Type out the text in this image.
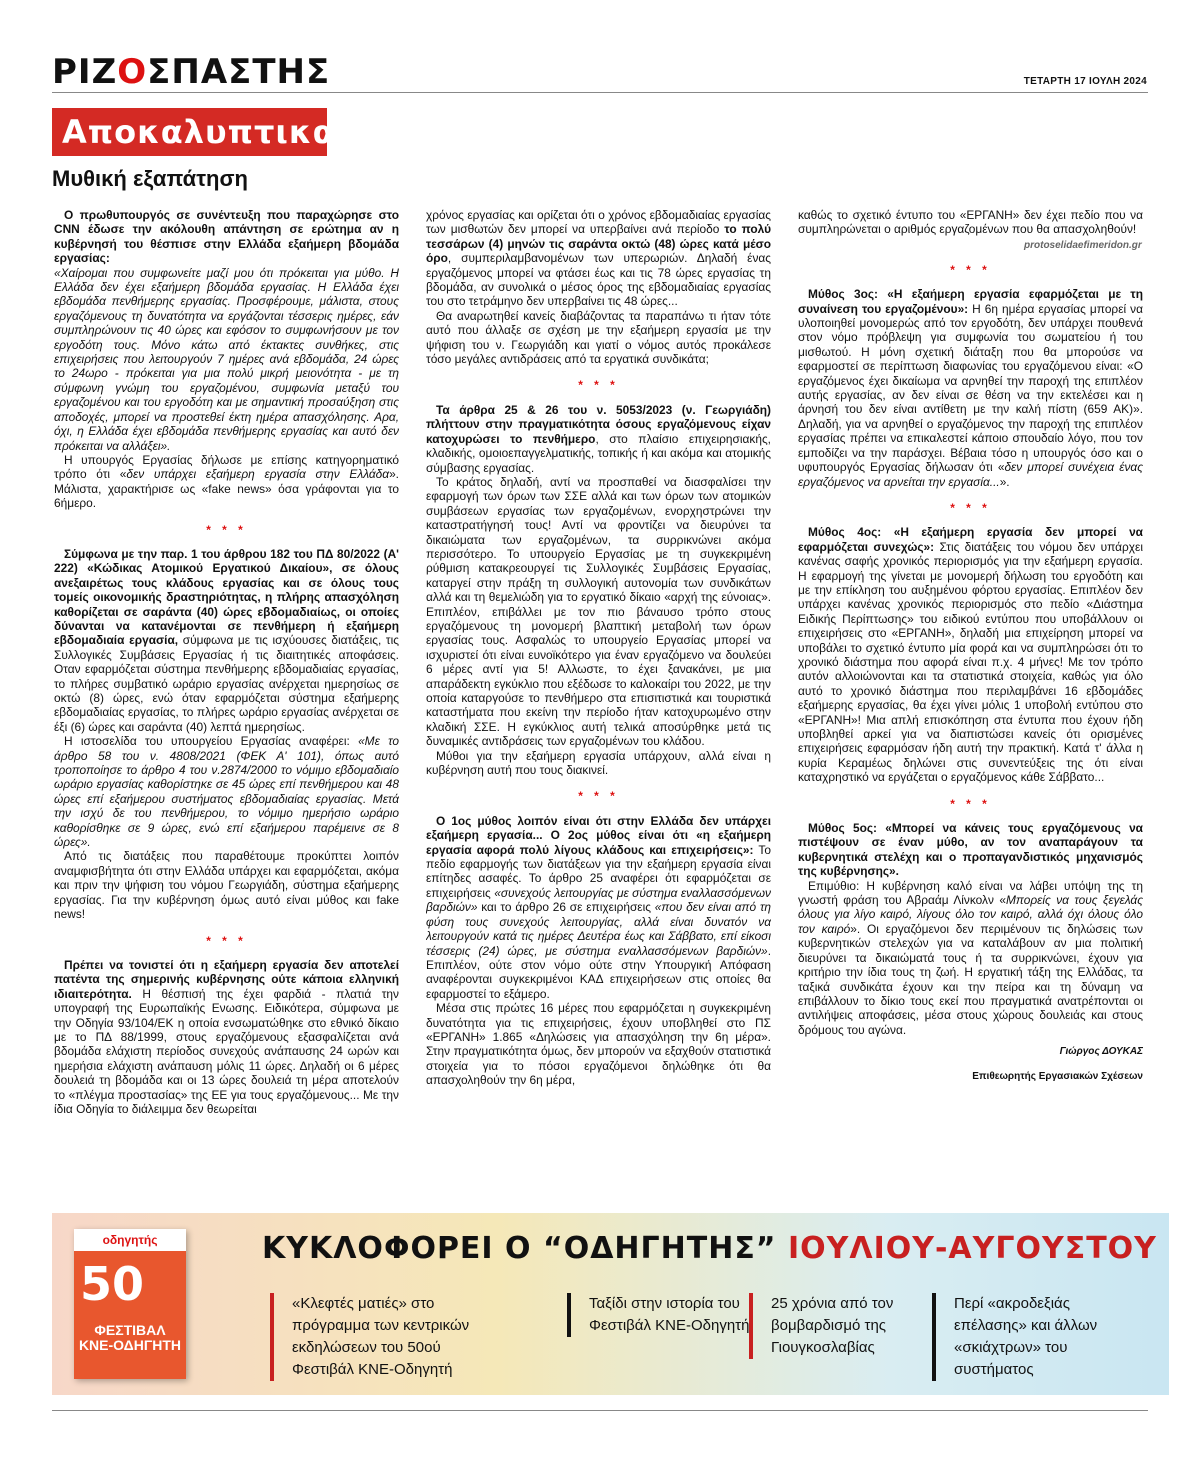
ΡΙΖΟΣΠΑΣΤΗΣ	ΤΕΤΑΡΤΗ 17 ΙΟΥΛΗ 2024
Αποκαλυπτικα
Μυθική εξαπάτηση
protoselidaefimeridon.gr

Ο πρωθυπουργός σε συνέντευξη που παραχώρησε στο CNN έδωσε την ακόλουθη απάντηση σε ερώτημα αν η κυβέρνησή του θέσπισε στην Ελλάδα εξαήμερη βδομάδα εργασίας:

«Χαίρομαι που συμφωνείτε μαζί μου ότι πρόκειται για μύθο. Η Ελλάδα δεν έχει εξαήμερη βδομάδα εργασίας. Η Ελλάδα έχει εβδομάδα πενθήμερης εργασίας. Προσφέρουμε, μάλιστα, στους εργαζόμενους τη δυνατότητα να εργάζονται τέσσερις ημέρες, εάν συμπληρώνουν τις 40 ώρες και εφόσον το συμφωνήσουν με τον εργοδότη τους. Μόνο κάτω από έκτακτες συνθήκες, στις επιχειρήσεις που λειτουργούν 7 ημέρες ανά εβδομάδα, 24 ώρες το 24ωρο - πρόκειται για μια πολύ μικρή μειονότητα - με τη σύμφωνη γνώμη του εργαζομένου, συμφωνία μεταξύ του εργαζομένου και του εργοδότη και με σημαντική προσαύξηση στις αποδοχές, μπορεί να προστεθεί έκτη ημέρα απασχόλησης. Αρα, όχι, η Ελλάδα έχει εβδομάδα πενθήμερης εργασίας και αυτό δεν πρόκειται να αλλάξει».

Η υπουργός Εργασίας δήλωσε με επίσης κατηγορηματικό τρόπο ότι «δεν υπάρχει εξαήμερη εργασία στην Ελλάδα». Μάλιστα, χαρακτήρισε ως «fake news» όσα γράφονται για το 6ήμερο.

* * *

Σύμφωνα με την παρ. 1 του άρθρου 182 του ΠΔ 80/2022 (Α' 222) «Κώδικας Ατομικού Εργατικού Δικαίου», σε όλους ανεξαιρέτως τους κλάδους εργασίας και σε όλους τους τομείς οικονομικής δραστηριότητας, η πλήρης απασχόληση καθορίζεται σε σαράντα (40) ώρες εβδομαδιαίως, οι οποίες δύνανται να κατανέμονται σε πενθήμερη ή εξαήμερη εβδομαδιαία εργασία, σύμφωνα με τις ισχύουσες διατάξεις, τις Συλλογικές Συμβάσεις Εργασίας ή τις διαιτητικές αποφάσεις. Οταν εφαρμόζεται σύστημα πενθήμερης εβδομαδιαίας εργασίας, το πλήρες συμβατικό ωράριο εργασίας ανέρχεται ημερησίως σε οκτώ (8) ώρες, ενώ όταν εφαρμόζεται σύστημα εξαήμερης εβδομαδιαίας εργασίας, το πλήρες ωράριο εργασίας ανέρχεται σε έξι (6) ώρες και σαράντα (40) λεπτά ημερησίως.

Η ιστοσελίδα του υπουργείου Εργασίας αναφέρει: «Με το άρθρο 58 του ν. 4808/2021 (ΦΕΚ Α' 101), όπως αυτό τροποποίησε το άρθρο 4 του ν.2874/2000 το νόμιμο εβδομαδιαίο ωράριο εργασίας καθορίστηκε σε 45 ώρες επί πενθήμερου και 48 ώρες επί εξαήμερου συστήματος εβδομαδιαίας εργασίας. Μετά την ισχύ δε του πενθήμερου, το νόμιμο ημερήσιο ωράριο καθορίσθηκε σε 9 ώρες, ενώ επί εξαήμερου παρέμεινε σε 8 ώρες».

Από τις διατάξεις που παραθέτουμε προκύπτει λοιπόν αναμφισβήτητα ότι στην Ελλάδα υπάρχει και εφαρμόζεται, ακόμα και πριν την ψήφιση του νόμου Γεωργιάδη, σύστημα εξαήμερης εργασίας. Για την κυβέρνηση όμως αυτό είναι μύθος και fake news!

* * *

Πρέπει να τονιστεί ότι η εξαήμερη εργασία δεν αποτελεί πατέντα της σημερινής κυβέρνησης ούτε κάποια ελληνική ιδιαιτερότητα. Η θέσπισή της έχει φαρδιά - πλατιά την υπογραφή της Ευρωπαϊκής Ενωσης. Ειδικότερα, σύμφωνα με την Οδηγία 93/104/ΕΚ η οποία ενσωματώθηκε στο εθνικό δίκαιο με το ΠΔ 88/1999, στους εργαζόμενους εξασφαλίζεται ανά βδομάδα ελάχιστη περίοδος συνεχούς ανάπαυσης 24 ωρών και ημερήσια ελάχιστη ανάπαυση μόλις 11 ώρες. Δηλαδή οι 6 μέρες δουλειά τη βδομάδα και οι 13 ώρες δουλειά τη μέρα αποτελούν το «πλέγμα προστασίας» της ΕΕ για τους εργαζόμενους... Με την ίδια Οδηγία το διάλειμμα δεν θεωρείται

χρόνος εργασίας και ορίζεται ότι ο χρόνος εβδομαδιαίας εργασίας των μισθωτών δεν μπορεί να υπερβαίνει ανά περίοδο το πολύ τεσσάρων (4) μηνών τις σαράντα οκτώ (48) ώρες κατά μέσο όρο, συμπεριλαμβανομένων των υπερωριών. Δηλαδή ένας εργαζόμενος μπορεί να φτάσει έως και τις 78 ώρες εργασίας τη βδομάδα, αν συνολικά ο μέσος όρος της εβδομαδιαίας εργασίας του στο τετράμηνο δεν υπερβαίνει τις 48 ώρες...

Θα αναρωτηθεί κανείς διαβάζοντας τα παραπάνω τι ήταν τότε αυτό που άλλαξε σε σχέση με την εξαήμερη εργασία με την ψήφιση του ν. Γεωργιάδη και γιατί ο νόμος αυτός προκάλεσε τόσο μεγάλες αντιδράσεις από τα εργατικά συνδικάτα;

* * *

Τα άρθρα 25 & 26 του ν. 5053/2023 (ν. Γεωργιάδη) πλήττουν στην πραγματικότητα όσους εργαζόμενους είχαν κατοχυρώσει το πενθήμερο, στο πλαίσιο επιχειρησιακής, κλαδικής, ομοιοεπαγγελματικής, τοπικής ή και ακόμα και ατομικής σύμβασης εργασίας.

Το κράτος δηλαδή, αντί να προσπαθεί να διασφαλίσει την εφαρμογή των όρων των ΣΣΕ αλλά και των όρων των ατομικών συμβάσεων εργασίας των εργαζομένων, ενορχηστρώνει την καταστρατήγησή τους! Αντί να φροντίζει να διευρύνει τα δικαιώματα των εργαζομένων, τα συρρικνώνει ακόμα περισσότερο. Το υπουργείο Εργασίας με τη συγκεκριμένη ρύθμιση κατακρεουργεί τις Συλλογικές Συμβάσεις Εργασίας, καταργεί στην πράξη τη συλλογική αυτονομία των συνδικάτων αλλά και τη θεμελιώδη για το εργατικό δίκαιο «αρχή της εύνοιας». Επιπλέον, επιβάλλει με τον πιο βάναυσο τρόπο στους εργαζόμενους τη μονομερή βλαπτική μεταβολή των όρων εργασίας τους. Ασφαλώς το υπουργείο Εργασίας μπορεί να ισχυριστεί ότι είναι ευνοϊκότερο για έναν εργαζόμενο να δουλεύει 6 μέρες αντί για 5! Αλλωστε, το έχει ξανακάνει, με μια απαράδεκτη εγκύκλιο που εξέδωσε το καλοκαίρι του 2022, με την οποία καταργούσε το πενθήμερο στα επισιτιστικά και τουριστικά καταστήματα που εκείνη την περίοδο ήταν κατοχυρωμένο στην κλαδική ΣΣΕ. Η εγκύκλιος αυτή τελικά αποσύρθηκε μετά τις δυναμικές αντιδράσεις των εργαζομένων του κλάδου.

Μύθοι για την εξαήμερη εργασία υπάρχουν, αλλά είναι η κυβέρνηση αυτή που τους διακινεί.

* * *

Ο 1ος μύθος λοιπόν είναι ότι στην Ελλάδα δεν υπάρχει εξαήμερη εργασία... Ο 2ος μύθος είναι ότι «η εξαήμερη εργασία αφορά πολύ λίγους κλάδους και επιχειρήσεις»: Το πεδίο εφαρμογής των διατάξεων για την εξαήμερη εργασία είναι επίτηδες ασαφές. Το άρθρο 25 αναφέρει ότι εφαρμόζεται σε επιχειρήσεις «συνεχούς λειτουργίας με σύστημα εναλλασσόμενων βαρδιών» και το άρθρο 26 σε επιχειρήσεις «που δεν είναι από τη φύση τους συνεχούς λειτουργίας, αλλά είναι δυνατόν να λειτουργούν κατά τις ημέρες Δευτέρα έως και Σάββατο, επί είκοσι τέσσερις (24) ώρες, με σύστημα εναλλασσόμενων βαρδιών». Επιπλέον, ούτε στον νόμο ούτε στην Υπουργική Απόφαση αναφέρονται συγκεκριμένοι ΚΑΔ επιχειρήσεων στις οποίες θα εφαρμοστεί το εξάμερο.

Μέσα στις πρώτες 16 μέρες που εφαρμόζεται η συγκεκριμένη δυνατότητα για τις επιχειρήσεις, έχουν υποβληθεί στο ΠΣ «ΕΡΓΑΝΗ» 1.865 «Δηλώσεις για απασχόληση την 6η μέρα». Στην πραγματικότητα όμως, δεν μπορούν να εξαχθούν στατιστικά στοιχεία για το πόσοι εργαζόμενοι δηλώθηκε ότι θα απασχοληθούν την 6η μέρα,

καθώς το σχετικό έντυπο του «ΕΡΓΑΝΗ» δεν έχει πεδίο που να συμπληρώνεται ο αριθμός εργαζομένων που θα απασχοληθούν!

* * *

Μύθος 3ος: «Η εξαήμερη εργασία εφαρμόζεται με τη συναίνεση του εργαζομένου»: Η 6η ημέρα εργασίας μπορεί να υλοποιηθεί μονομερώς από τον εργοδότη, δεν υπάρχει πουθενά στον νόμο πρόβλεψη για συμφωνία του σωματείου ή του μισθωτού. Η μόνη σχετική διάταξη που θα μπορούσε να εφαρμοστεί σε περίπτωση διαφωνίας του εργαζόμενου είναι: «Ο εργαζόμενος έχει δικαίωμα να αρνηθεί την παροχή της επιπλέον αυτής εργασίας, αν δεν είναι σε θέση να την εκτελέσει και η άρνησή του δεν είναι αντίθετη με την καλή πίστη (659 ΑΚ)». Δηλαδή, για να αρνηθεί ο εργαζόμενος την παροχή της επιπλέον εργασίας πρέπει να επικαλεστεί κάποιο σπουδαίο λόγο, που τον εμποδίζει να την παράσχει. Βέβαια τόσο η υπουργός όσο και ο υφυπουργός Εργασίας δήλωσαν ότι «δεν μπορεί συνέχεια ένας εργαζόμενος να αρνείται την εργασία...».

* * *

Μύθος 4ος: «Η εξαήμερη εργασία δεν μπορεί να εφαρμόζεται συνεχώς»: Στις διατάξεις του νόμου δεν υπάρχει κανένας σαφής χρονικός περιορισμός για την εξαήμερη εργασία. Η εφαρμογή της γίνεται με μονομερή δήλωση του εργοδότη και με την επίκληση του αυξημένου φόρτου εργασίας. Επιπλέον δεν υπάρχει κανένας χρονικός περιορισμός στο πεδίο «Διάστημα Ειδικής Περίπτωσης» του ειδικού εντύπου που υποβάλλουν οι επιχειρήσεις στο «ΕΡΓΑΝΗ», δηλαδή μια επιχείρηση μπορεί να υποβάλει το σχετικό έντυπο μία φορά και να συμπληρώσει ότι το χρονικό διάστημα που αφορά είναι π.χ. 4 μήνες! Με τον τρόπο αυτόν αλλοιώνονται και τα στατιστικά στοιχεία, καθώς για όλο αυτό το χρονικό διάστημα που περιλαμβάνει 16 εβδομάδες εξαήμερης εργασίας, θα έχει γίνει μόλις 1 υποβολή εντύπου στο «ΕΡΓΑΝΗ»! Μια απλή επισκόπηση στα έντυπα που έχουν ήδη υποβληθεί αρκεί για να διαπιστώσει κανείς ότι ορισμένες επιχειρήσεις εφαρμόσαν ήδη αυτή την πρακτική. Κατά τ' άλλα η κυρία Κεραμέως δηλώνει στις συνεντεύξεις της ότι είναι καταχρηστικό να εργάζεται ο εργαζόμενος κάθε Σάββατο...

* * *

Μύθος 5ος: «Μπορεί να κάνεις τους εργαζόμενους να πιστέψουν σε έναν μύθο, αν τον αναπαράγουν τα κυβερνητικά στελέχη και ο προπαγανδιστικός μηχανισμός της κυβέρνησης».

Επιμύθιο: Η κυβέρνηση καλό είναι να λάβει υπόψη της τη γνωστή φράση του Αβραάμ Λίνκολν «Μπορείς να τους ξεγελάς όλους για λίγο καιρό, λίγους όλο τον καιρό, αλλά όχι όλους όλο τον καιρό». Οι εργαζόμενοι δεν περιμένουν τις δηλώσεις των κυβερνητικών στελεχών για να καταλάβουν αν μια πολιτική διευρύνει τα δικαιώματά τους ή τα συρρικνώνει, έχουν για κριτήριο την ίδια τους τη ζωή. Η εργατική τάξη της Ελλάδας, τα ταξικά συνδικάτα έχουν και την πείρα και τη δύναμη να επιβάλλουν το δίκιο τους εκεί που πραγματικά ανατρέπονται οι αντιλήψεις αποφάσεις, μέσα στους χώρους δουλειάς και στους δρόμους του αγώνα.

Γιώργος ΔΟΥΚΑΣ
Επιθεωρητής Εργασιακών Σχέσεων
οδηγητής
50
ΦΕΣΤΙΒΑΛ ΚΝΕ-ΟΔΗΓΗΤΗ
ΚΥΚΛΟΦΟΡΕΙ Ο “ΟΔΗΓΗΤΗΣ” ΙΟΥΛΙΟΥ-ΑΥΓΟΥΣΤΟΥ
«Κλεφτές ματιές» στο πρόγραμμα των κεντρικών εκδηλώσεων του 50ού Φεστιβάλ ΚΝΕ-Οδηγητή
Ταξίδι στην ιστορία του Φεστιβάλ ΚΝΕ-Οδηγητή
25 χρόνια από τον βομβαρδισμό της Γιουγκοσλαβίας
Περί «ακροδεξιάς επέλασης» και άλλων «σκιάχτρων» του συστήματος
